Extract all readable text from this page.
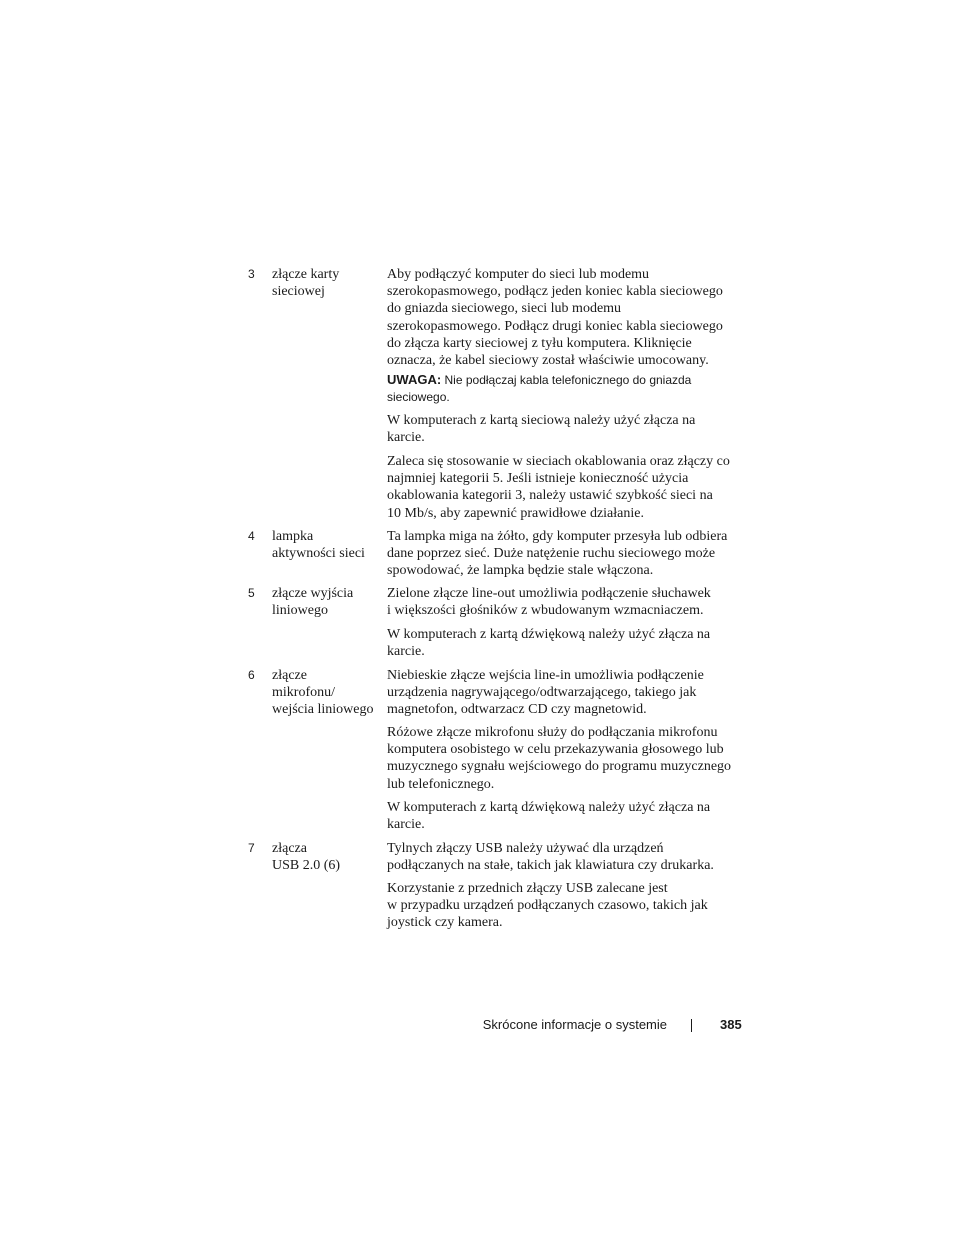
3 złącze karty
sieciowej
Aby podłączyć komputer do sieci lub modemu
szerokopasmowego, podłącz jeden koniec kabla sieciowego
do gniazda sieciowego, sieci lub modemu
szerokopasmowego. Podłącz drugi koniec kabla sieciowego
do złącza karty sieciowej z tyłu komputera. Kliknięcie
oznacza, że kabel sieciowy został właściwie umocowany.
UWAGA: Nie podłączaj kabla telefonicznego do gniazda
sieciowego.
W komputerach z kartą sieciową należy użyć złącza na
karcie.
Zaleca się stosowanie w sieciach okablowania oraz złączy co
najmniej kategorii 5. Jeśli istnieje konieczność użycia
okablowania kategorii 3, należy ustawić szybkość sieci na
10 Mb/s, aby zapewnić prawidłowe działanie.
4 lampka
aktywności sieci
Ta lampka miga na żółto, gdy komputer przesyła lub odbiera
dane poprzez sieć. Duże natężenie ruchu sieciowego może
spowodować, że lampka będzie stale włączona.
5 złącze wyjścia
liniowego
Zielone złącze line-out umożliwia podłączenie słuchawek
i większości głośników z wbudowanym wzmacniaczem.
W komputerach z kartą dźwiękową należy użyć złącza na
karcie.
6 złącze
mikrofonu/
wejścia liniowego
Niebieskie złącze wejścia line-in umożliwia podłączenie
urządzenia nagrywającego/odtwarzającego, takiego jak
magnetofon, odtwarzacz CD czy magnetowid.
Różowe złącze mikrofonu służy do podłączania mikrofonu
komputera osobistego w celu przekazywania głosowego lub
muzycznego sygnału wejściowego do programu muzycznego
lub telefonicznego.
W komputerach z kartą dźwiękową należy użyć złącza na
karcie.
7 złącza
USB 2.0 (6)
Tylnych złączy USB należy używać dla urządzeń
podłączanych na stałe, takich jak klawiatura czy drukarka.
Korzystanie z przednich złączy USB zalecane jest
w przypadku urządzeń podłączanych czasowo, takich jak
joystick czy kamera.
Skrócone informacje o systemie	385
